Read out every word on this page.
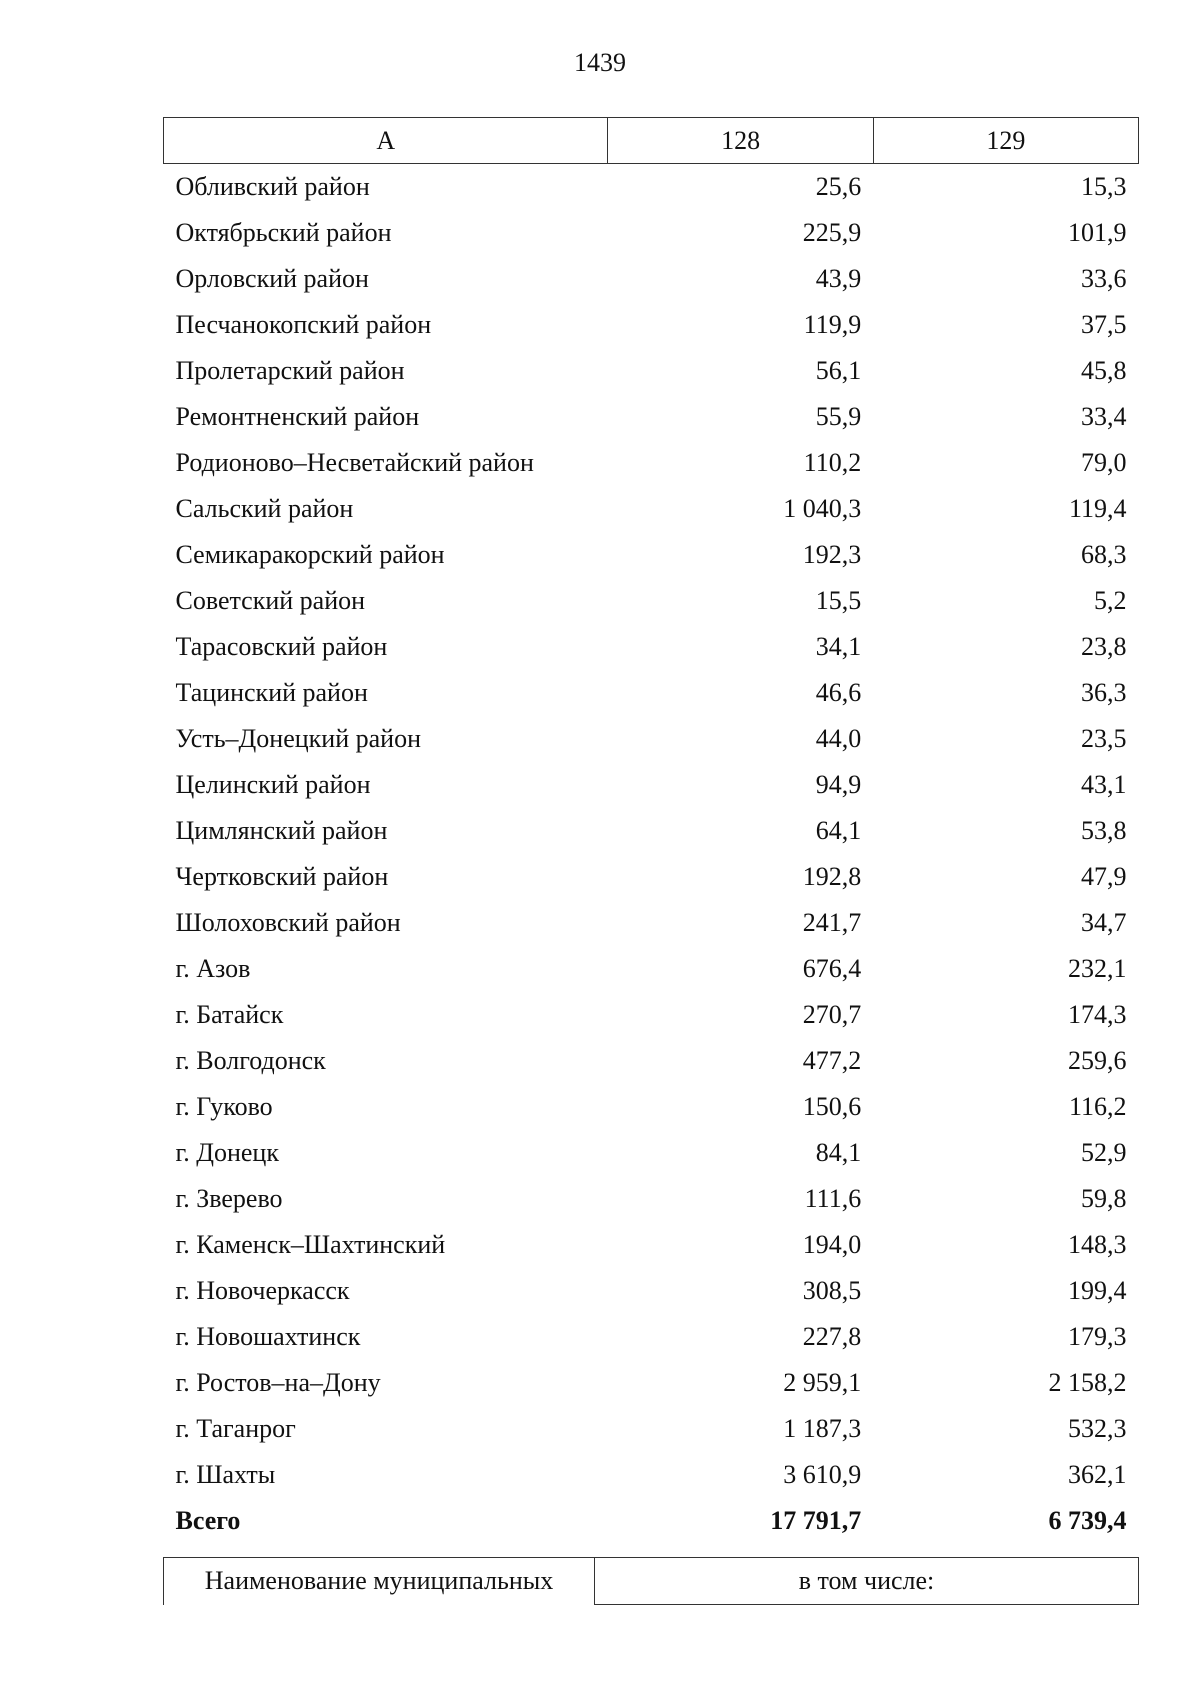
1439
А	128	129
Обливский район	25,6	15,3
Октябрьский район	225,9	101,9
Орловский район	43,9	33,6
Песчанокопский район	119,9	37,5
Пролетарский район	56,1	45,8
Ремонтненский район	55,9	33,4
Родионово–Несветайский район	110,2	79,0
Сальский район	1 040,3	119,4
Семикаракорский район	192,3	68,3
Советский район	15,5	5,2
Тарасовский район	34,1	23,8
Тацинский район	46,6	36,3
Усть–Донецкий район	44,0	23,5
Целинский район	94,9	43,1
Цимлянский район	64,1	53,8
Чертковский район	192,8	47,9
Шолоховский район	241,7	34,7
г. Азов	676,4	232,1
г. Батайск	270,7	174,3
г. Волгодонск	477,2	259,6
г. Гуково	150,6	116,2
г. Донецк	84,1	52,9
г. Зверево	111,6	59,8
г. Каменск–Шахтинский	194,0	148,3
г. Новочеркасск	308,5	199,4
г. Новошахтинск	227,8	179,3
г. Ростов–на–Дону	2 959,1	2 158,2
г. Таганрог	1 187,3	532,3
г. Шахты	3 610,9	362,1
Всего	17 791,7	6 739,4
Наименование муниципальных	в том числе:
